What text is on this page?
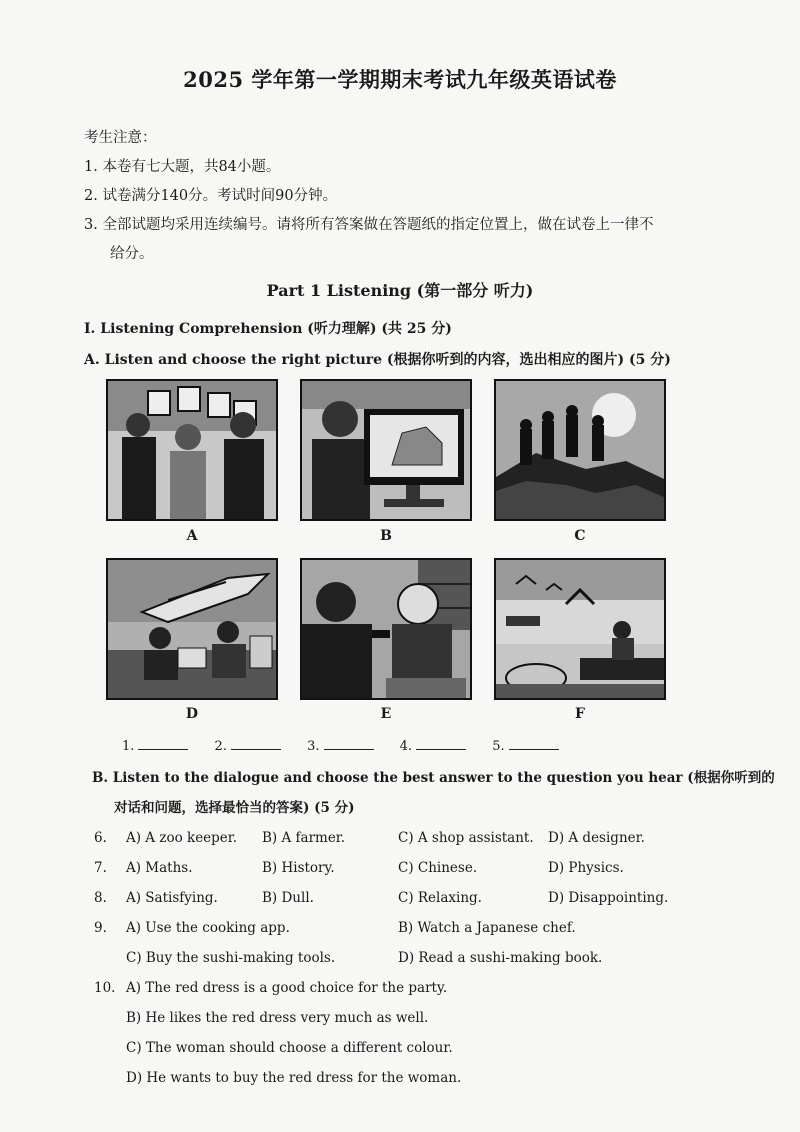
2025 学年第一学期期末考试九年级英语试卷
考生注意：
1. 本卷有七大题，共84小题。
2. 试卷满分140分。考试时间90分钟。
3. 全部试题均采用连续编号。请将所有答案做在答题纸的指定位置上，做在试卷上一律不
给分。
Part 1 Listening (第一部分 听力)
I. Listening Comprehension (听力理解) (共 25 分)
A. Listen and choose the right picture (根据你听到的内容，选出相应的图片) (5 分)
A	B	C
D	E	F
1.	2.	3.	4.	5.
B. Listen to the dialogue and choose the best answer to the question you hear (根据你听到的
对话和问题，选择最恰当的答案) (5 分)
6. A) A zoo keeper. B) A farmer.	C) A shop assistant. D) A designer.
7. A) Maths.	B) History.	C) Chinese.	D) Physics.
8. A) Satisfying.	B) Dull.	C) Relaxing.	D) Disappointing.
9. A) Use the cooking app.	B) Watch a Japanese chef.
C) Buy the sushi-making tools.	D) Read a sushi-making book.
10. A) The red dress is a good choice for the party.
B) He likes the red dress very much as well.
C) The woman should choose a different colour.
D) He wants to buy the red dress for the woman.
